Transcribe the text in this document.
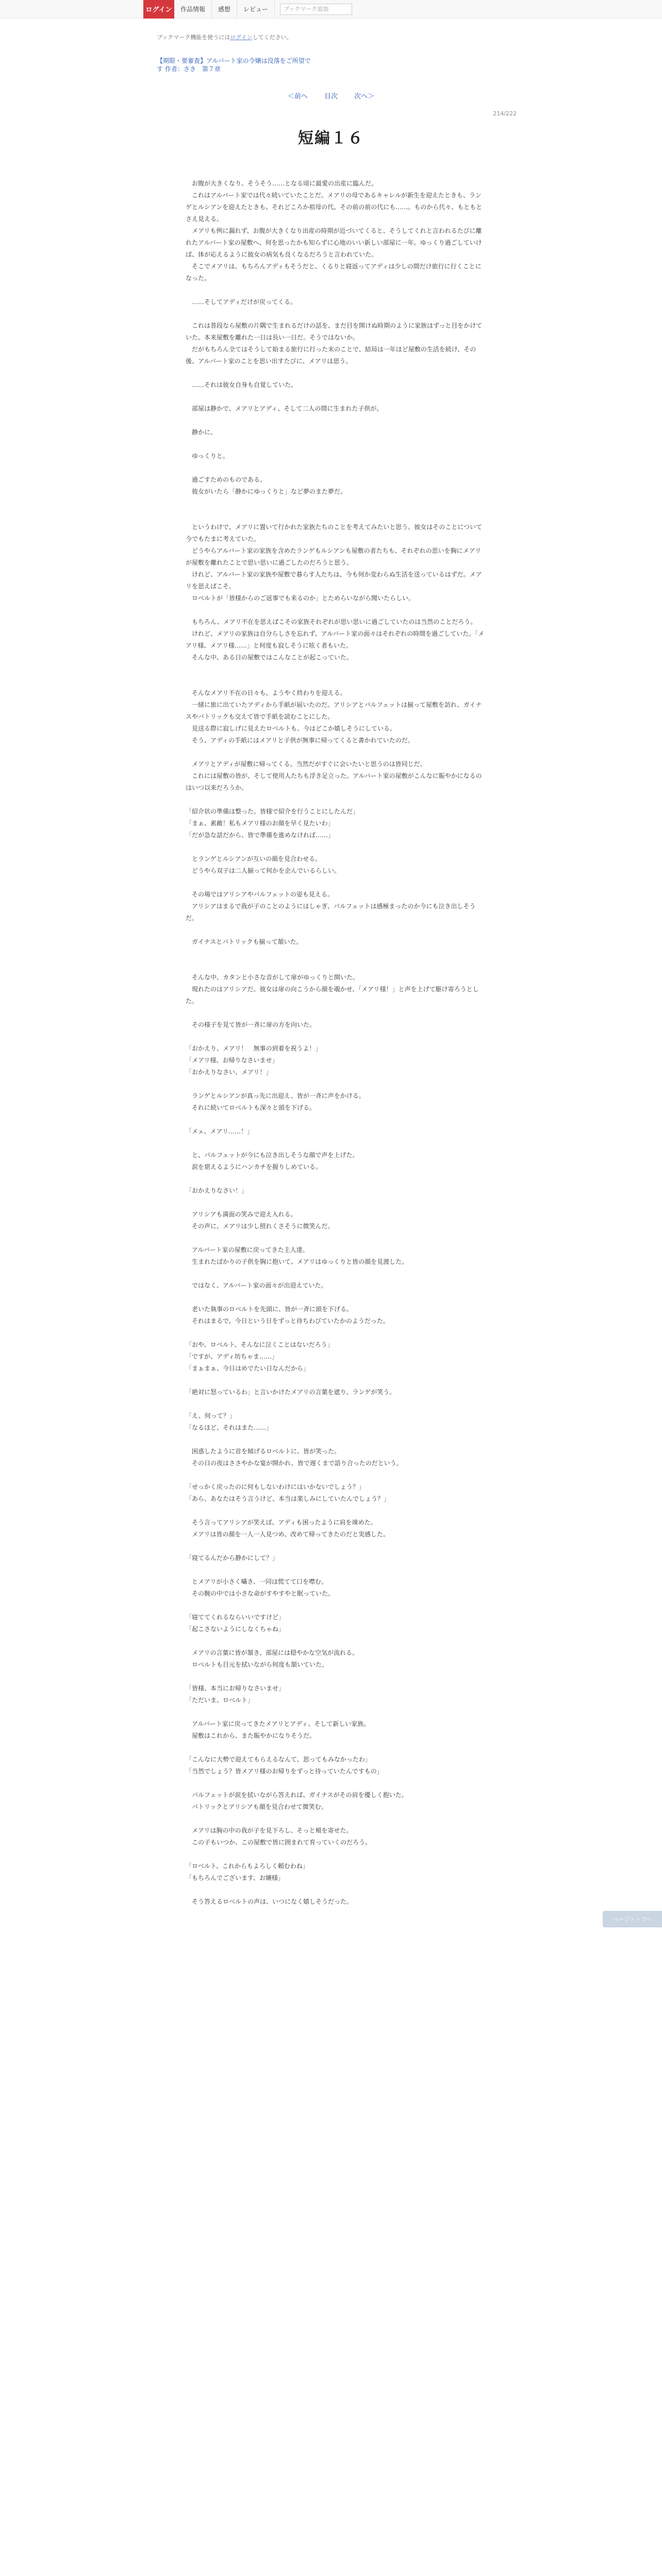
ログイン	作品情報	感想	レビュー	ブックマーク追加
ブックマーク機能を使うにはログインしてください。
【期限・要審査】アルバート家の令嬢は没落をご所望です 作者：さき　第７章
＜前へ 目次 次へ＞
214/222
短編１６

　お腹が大きくなり、そうそう……となる頃に最愛の出産に臨んだ。

　これはアルバート家では代々続いていたことだ。メアリの母であるキャレルが新生を迎えたときも、ランゲとルシアンを迎えたときも。それどころか祖母の代、その前の前の代にも……。ものから代々、もともとさえ見える。

　メアリも例に漏れず、お腹が大きくなり出産の時期が近づいてくると、そうしてくれと言われるたびに離れたアルバート家の屋敷へ、何を思ったかも知らずに心地のいい新しい部屋に一年。ゆっくり過ごしていけば、体が応えるように彼女の病気も良くなるだろうと言われていた。

　そこでメアリは、もちろんアディもそうだと、くるりと寝返ってアディは少しの間だけ旅行に行くことになった。

　……そしてアディだけが戻ってくる。

　これは普段なら屋敷の片隅で生まれるだけの話を、まだ目を開けぬ時期のように家族はずっと目をかけていた。本来屋敷を離れた一日は長い一日だ。そうではないか。

　だがもちろん全てはそうして始まる旅行に行った末のことで、結局は一年ほど屋敷の生活を続け、その後、アルバート家のことを思い出すたびに、メアリは思う。

　……それは彼女自身も自覚していた。

　部屋は静かで、メアリとアディ、そして二人の間に生まれた子供が。

　静かに、

　ゆっくりと。

　過ごすためのものである。

　彼女がいたら「静かにゆっくりと」など夢のまた夢だ。

　というわけで、メアリに置いて行かれた家族たちのことを考えてみたいと思う。彼女はそのことについて今でもたまに考えていた。

　どうやらアルバート家の家族を含めたランゲもルシアンも屋敷の者たちも、それぞれの思いを胸にメアリが屋敷を離れたことで思い思いに過ごしたのだろうと思う。

　けれど、アルバート家の家族や屋敷で暮らす人たちは、今も何か変わらぬ生活を送っているはずだ。メアリを思えばこそ。

　ロベルトが「皆様からのご返事でも来るのか」とためらいながら聞いたらしい。

　もちろん、メアリ不在を思えばこその家族それぞれが思い思いに過ごしていたのは当然のことだろう。

　けれど、メアリの家族は自分らしさを忘れず、アルバート家の面々はそれぞれの時間を過ごしていた。「メアリ様、メアリ様……」と何度も寂しそうに呟く者もいた。

　そんな中、ある日の屋敷ではこんなことが起こっていた。

　そんなメアリ不在の日々も、ようやく終わりを迎える。

　一緒に旅に出ていたアディから手紙が届いたのだ。アリシアとパルフェットは揃って屋敷を訪れ、ガイナスやパトリックも交えて皆で手紙を読むことにした。

　見送る際に寂しげに見えたロベルトも、今はどこか嬉しそうにしている。

　そう、アディの手紙にはメアリと子供が無事に帰ってくると書かれていたのだ。

　メアリとアディが屋敷に帰ってくる。当然だがすぐに会いたいと思うのは皆同じだ。

　これには屋敷の皆が、そして使用人たちも浮き足立った。アルバート家の屋敷がこんなに賑やかになるのはいつ以来だろうか。

「紹介状の準備は整った。皆様で紹介を行うことにしたんだ」

「まぁ、素敵！私もメアリ様のお顔を早く見たいわ」

「だが急な話だから、皆で準備を進めなければ……」

　とランゲとルシアンが互いの顔を見合わせる。

　どうやら双子は二人揃って何かを企んでいるらしい。

　その場ではアリシアやパルフェットの姿も見える。

　アリシアはまるで我が子のことのようにはしゃぎ、パルフェットは感極まったのか今にも泣き出しそうだ。

　ガイナスとパトリックも揃って頷いた。

　そんな中、カタンと小さな音がして扉がゆっくりと開いた。

　現れたのはアリシアだ。彼女は扉の向こうから顔を覗かせ、「メアリ様！」と声を上げて駆け寄ろうとした。

　その様子を見て皆が一斉に扉の方を向いた。

「おかえり、メアリ！　無事の到着を祝うよ！」

「メアリ様、お帰りなさいませ」

「おかえりなさい、メアリ！」

　ランゲとルシアンが真っ先に出迎え、皆が一斉に声をかける。

　それに続いてロベルトも深々と頭を下げる。

「メェ、メアリ……！」

　と、パルフェットが今にも泣き出しそうな顔で声を上げた。

　涙を堪えるようにハンカチを握りしめている。

「おかえりなさい！」

　アリシアも満面の笑みで迎え入れる。

　その声に、メアリは少し照れくさそうに微笑んだ。

　アルバート家の屋敷に戻ってきた主人達。

　生まれたばかりの子供を胸に抱いて、メアリはゆっくりと皆の顔を見渡した。

　ではなく、アルバート家の面々が出迎えていた。

　老いた執事のロベルトを先頭に、皆が一斉に頭を下げる。

　それはまるで、今日という日をずっと待ちわびていたかのようだった。

「おや、ロベルト、そんなに泣くことはないだろう」

「ですが、アディ坊ちゃま……」

「まぁまぁ、今日はめでたい日なんだから」

「絶対に怒っているわ」と言いかけたメアリの言葉を遮り、ランゲが笑う。

「え、何って？」

「なるほど、それはまた……」

　困惑したように首を傾げるロベルトに、皆が笑った。

　その日の夜はささやかな宴が開かれ、皆で遅くまで語り合ったのだという。

「せっかく戻ったのに何もしないわけにはいかないでしょう？」

「あら、あなたはそう言うけど、本当は楽しみにしていたんでしょう？」

　そう言ってアリシアが笑えば、アディも困ったように肩を竦めた。

　メアリは皆の顔を一人一人見つめ、改めて帰ってきたのだと実感した。

「寝てるんだから静かにして？」

　とメアリが小さく囁き、一同は慌てて口を噤む。

　その腕の中では小さな命がすやすやと眠っていた。

「寝ててくれるならいいですけど」

「起こさないようにしなくちゃね」

　メアリの言葉に皆が頷き、部屋には穏やかな空気が流れる。

　ロベルトも目元を拭いながら何度も頷いていた。

「皆様、本当にお帰りなさいませ」

「ただいま、ロベルト」

　アルバート家に戻ってきたメアリとアディ、そして新しい家族。

　屋敷はこれから、また賑やかになりそうだ。

「こんなに大勢で迎えてもらえるなんて、思ってもみなかったわ」

「当然でしょう？皆メアリ様のお帰りをずっと待っていたんですもの」

　パルフェットが涙を拭いながら答えれば、ガイナスがその肩を優しく抱いた。

　パトリックとアリシアも顔を見合わせて微笑む。

　メアリは胸の中の我が子を見下ろし、そっと頬を寄せた。

　この子もいつか、この屋敷で皆に囲まれて育っていくのだろう。

「ロベルト、これからもよろしく頼むわね」

「もちろんでございます、お嬢様」

　そう答えるロベルトの声は、いつになく嬉しそうだった。

ページトップへ
